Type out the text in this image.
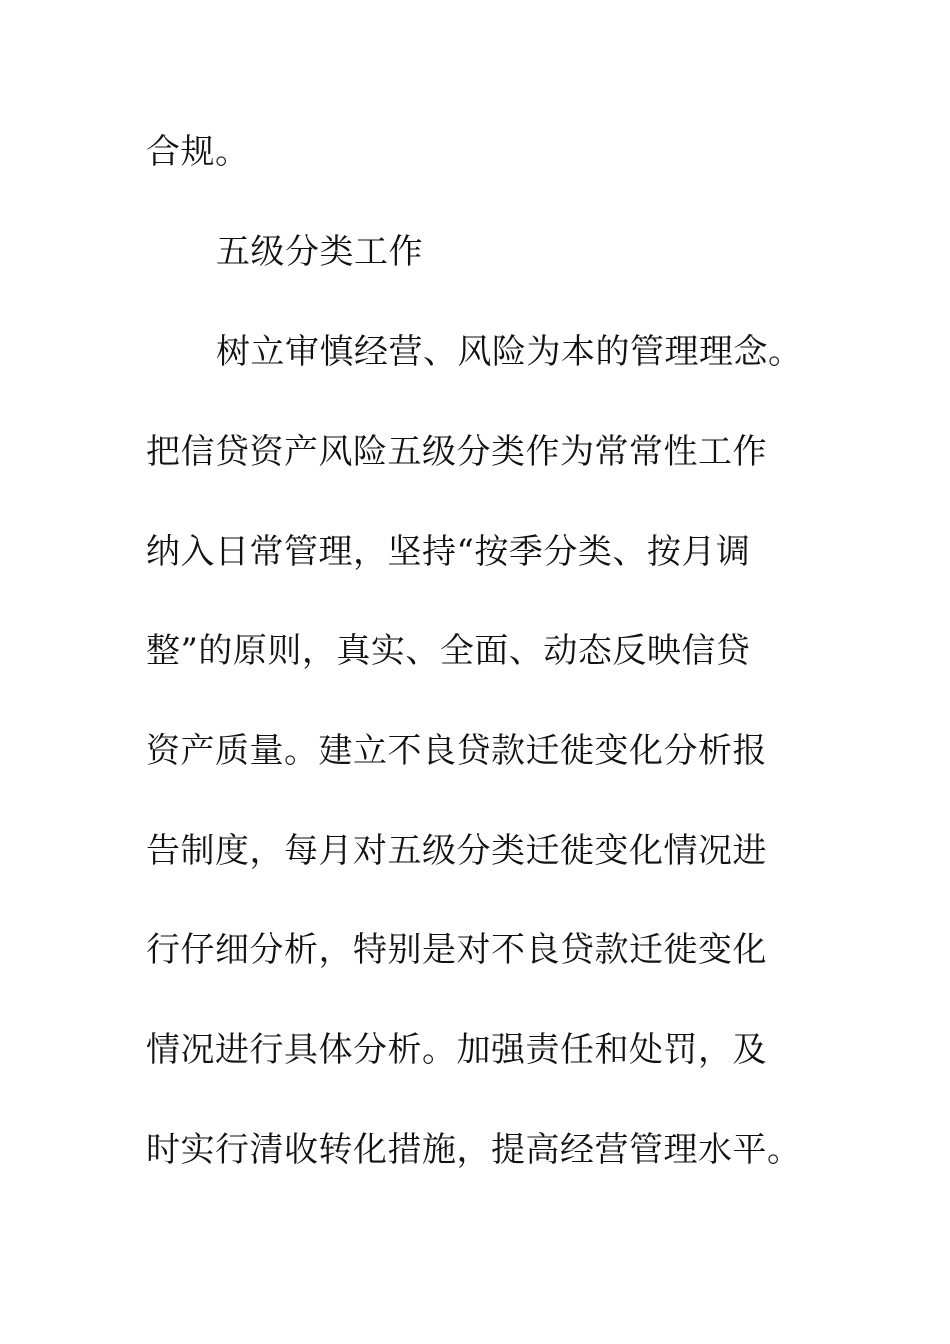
合规。
五级分类工作
树立审慎经营、风险为本的管理理念。
把信贷资产风险五级分类作为常常性工作
纳入日常管理，坚持“按季分类、按月调
整”的原则，真实、全面、动态反映信贷
资产质量。建立不良贷款迁徙变化分析报
告制度，每月对五级分类迁徙变化情况进
行仔细分析，特别是对不良贷款迁徙变化
情况进行具体分析。加强责任和处罚，及
时实行清收转化措施，提高经营管理水平。
